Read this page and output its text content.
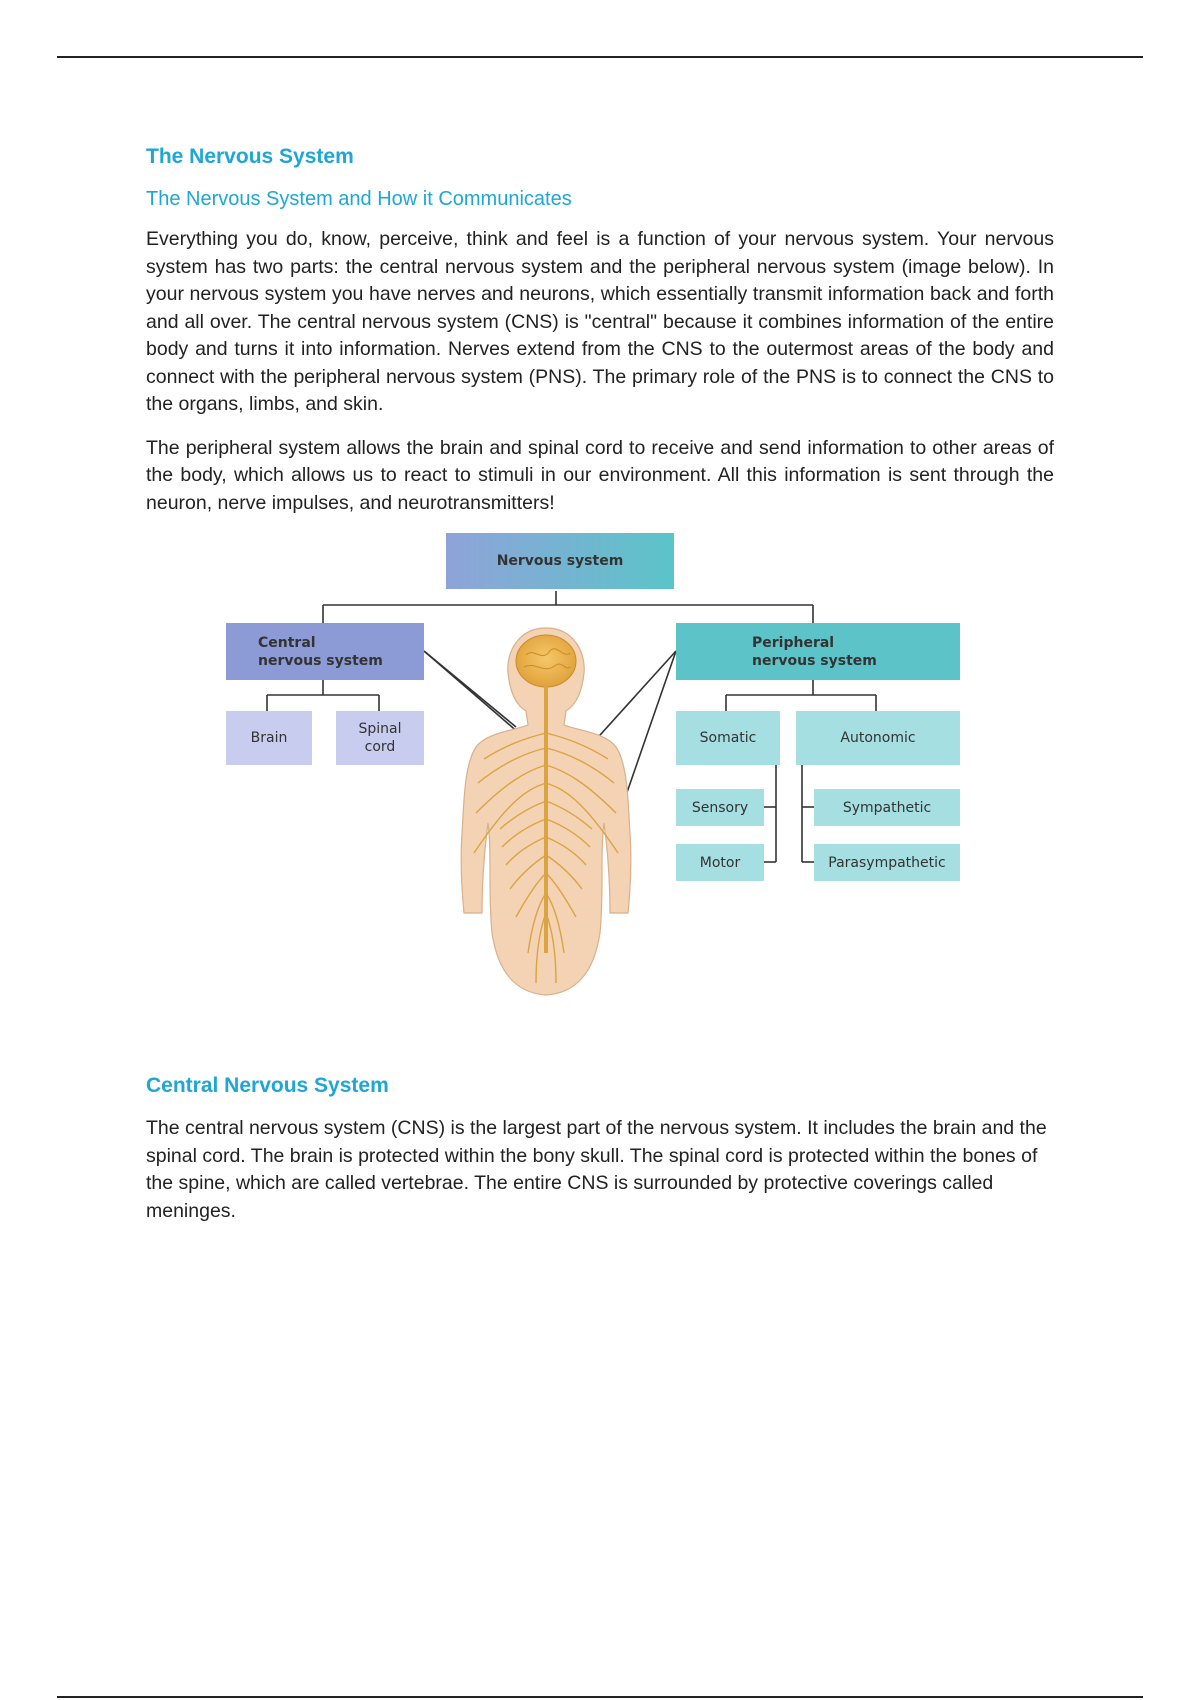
The Nervous System
The Nervous System and How it Communicates

Everything you do, know, perceive, think and feel is a function of your nervous system. Your nervous system has two parts: the central nervous system and the peripheral nervous system (image below). In your nervous system you have nerves and neurons, which essentially transmit information back and forth and all over. The central nervous system (CNS) is "central" because it combines information of the entire body and turns it into information. Nerves extend from the CNS to the outermost areas of the body and connect with the peripheral nervous system (PNS). The primary role of the PNS is to connect the CNS to the organs, limbs, and skin.

The peripheral system allows the brain and spinal cord to receive and send information to other areas of the body, which allows us to react to stimuli in our environment. All this information is sent through the neuron, nerve impulses, and neurotransmitters!

Nervous system
Central
nervous system
Brain
Spinal
cord
Peripheral
nervous system
Somatic	Autonomic
Sensory
Motor
Sympathetic
Parasympathetic
Central Nervous System

The central nervous system (CNS) is the largest part of the nervous system. It includes the brain and the spinal cord. The brain is protected within the bony skull. The spinal cord is protected within the bones of the spine, which are called vertebrae. The entire CNS is surrounded by protective coverings called meninges.
